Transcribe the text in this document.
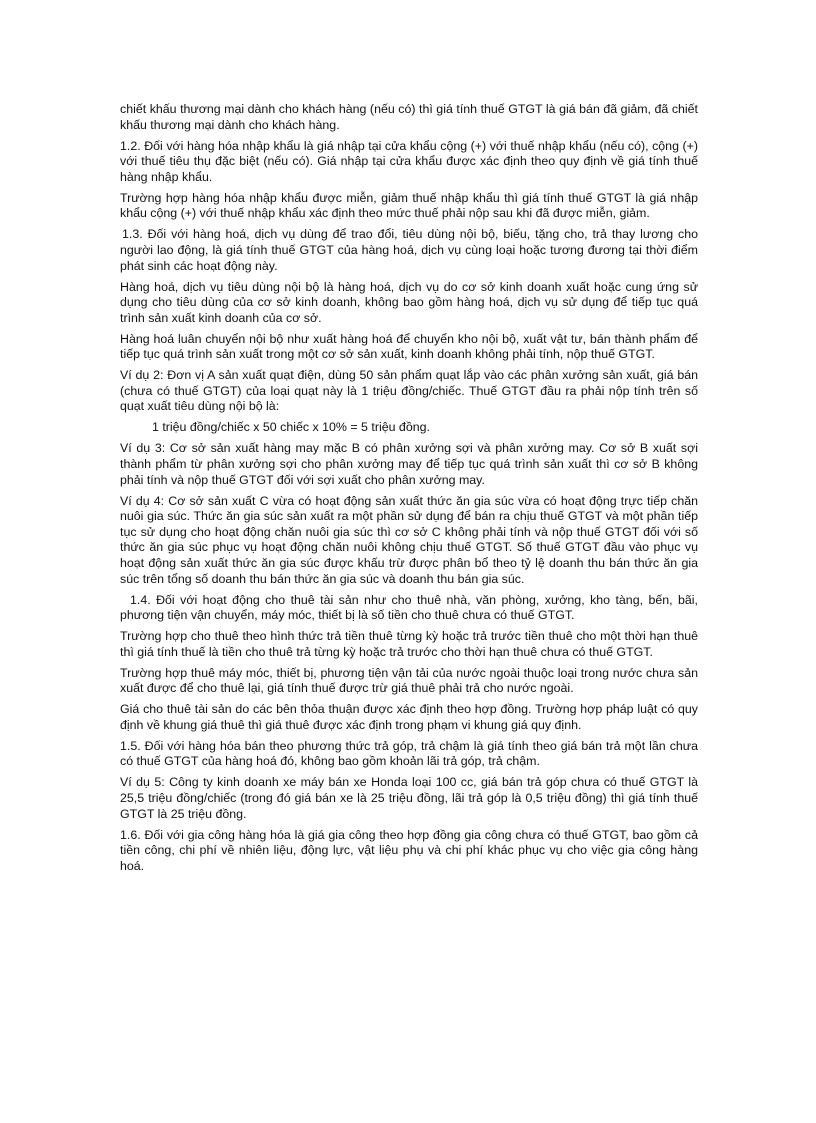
chiết khấu thương mại dành cho khách hàng (nếu có) thì giá tính thuế GTGT là giá bán đã giảm, đã chiết khấu thương mại dành cho khách hàng.

1.2. Đối với hàng hóa nhập khẩu là giá nhập tại cửa khẩu cộng (+) với thuế nhập khẩu (nếu có), cộng (+) với thuế tiêu thụ đặc biệt (nếu có). Giá nhập tại cửa khẩu được xác định theo quy định về giá tính thuế hàng nhập khẩu.

Trường hợp hàng hóa nhập khẩu được miễn, giảm thuế nhập khẩu thì giá tính thuế GTGT là giá nhập khẩu cộng (+) với thuế nhập khẩu xác định theo mức thuế phải nộp sau khi đã được miễn, giảm.

1.3. Đối với hàng hoá, dịch vụ dùng để trao đổi, tiêu dùng nội bộ, biếu, tặng cho, trả thay lương cho người lao động, là giá tính thuế GTGT của hàng hoá, dịch vụ cùng loại hoặc tương đương tại thời điểm phát sinh các hoạt động này.

Hàng hoá, dịch vụ tiêu dùng nội bộ là hàng hoá, dịch vụ do cơ sở kinh doanh xuất hoặc cung ứng sử dụng cho tiêu dùng của cơ sở kinh doanh, không bao gồm hàng hoá, dịch vụ sử dụng để tiếp tục quá trình sản xuất kinh doanh của cơ sở.

Hàng hoá luân chuyển nội bộ như xuất hàng hoá để chuyển kho nội bộ, xuất vật tư, bán thành phẩm để tiếp tục quá trình sản xuất trong một cơ sở sản xuất, kinh doanh không phải tính, nộp thuế GTGT.

Ví dụ 2: Đơn vị A sản xuất quạt điện, dùng 50 sản phẩm quạt lắp vào các phân xưởng sản xuất, giá bán (chưa có thuế GTGT) của loại quạt này là 1 triệu đồng/chiếc. Thuế GTGT đầu ra phải nộp tính trên số quạt xuất tiêu dùng nội bộ là:

1 triệu đồng/chiếc x 50 chiếc x 10% = 5 triệu đồng.

Ví dụ 3: Cơ sở sản xuất hàng may mặc B có phân xưởng sợi và phân xưởng may. Cơ sở B xuất sợi thành phẩm từ phân xưởng sợi cho phân xưởng may để tiếp tục quá trình sản xuất thì cơ sở B không phải tính và nộp thuế GTGT đối với sợi xuất cho phân xưởng may.

Ví dụ 4: Cơ sở sản xuất C vừa có hoạt động sản xuất thức ăn gia súc vừa có hoạt động trực tiếp chăn nuôi gia súc. Thức ăn gia súc sản xuất ra một phần sử dụng để bán ra chịu thuế GTGT và một phần tiếp tục sử dụng cho hoạt động chăn nuôi gia súc thì cơ sở C không phải tính và nộp thuế GTGT đối với số thức ăn gia súc phục vụ hoạt động chăn nuôi không chịu thuế GTGT. Số thuế GTGT đầu vào phục vụ hoạt động sản xuất thức ăn gia súc được khấu trừ được phân bổ theo tỷ lệ doanh thu bán thức ăn gia súc trên tổng số doanh thu bán thức ăn gia súc và doanh thu bán gia súc.

1.4. Đối với hoạt động cho thuê tài sản như cho thuê nhà, văn phòng, xưởng, kho tàng, bến, bãi, phương tiện vận chuyển, máy móc, thiết bị là số tiền cho thuê chưa có thuế GTGT.

Trường hợp cho thuê theo hình thức trả tiền thuê từng kỳ hoặc trả trước tiền thuê cho một thời hạn thuê thì giá tính thuế là tiền cho thuê trả từng kỳ hoặc trả trước cho thời hạn thuê chưa có thuế GTGT.

Trường hợp thuê máy móc, thiết bị, phương tiện vận tải của nước ngoài thuộc loại trong nước chưa sản xuất được để cho thuê lại, giá tính thuế được trừ giá thuê phải trả cho nước ngoài.

Giá cho thuê tài sản do các bên thỏa thuận được xác định theo hợp đồng. Trường hợp pháp luật có quy định về khung giá thuê thì giá thuê được xác định trong phạm vi khung giá quy định.

1.5. Đối với hàng hóa bán theo phương thức trả góp, trả chậm là giá tính theo giá bán trả một lần chưa có thuế GTGT của hàng hoá đó, không bao gồm khoản lãi trả góp, trả chậm.

Ví dụ 5: Công ty kinh doanh xe máy bán xe Honda loại 100 cc, giá bán trả góp chưa có thuế GTGT là 25,5 triệu đồng/chiếc (trong đó giá bán xe là 25 triệu đồng, lãi trả góp là 0,5 triệu đồng) thì giá tính thuế GTGT là 25 triệu đồng.

1.6. Đối với gia công hàng hóa là giá gia công theo hợp đồng gia công chưa có thuế GTGT, bao gồm cả tiền công, chi phí về nhiên liệu, động lực, vật liệu phụ và chi phí khác phục vụ cho việc gia công hàng hoá.
